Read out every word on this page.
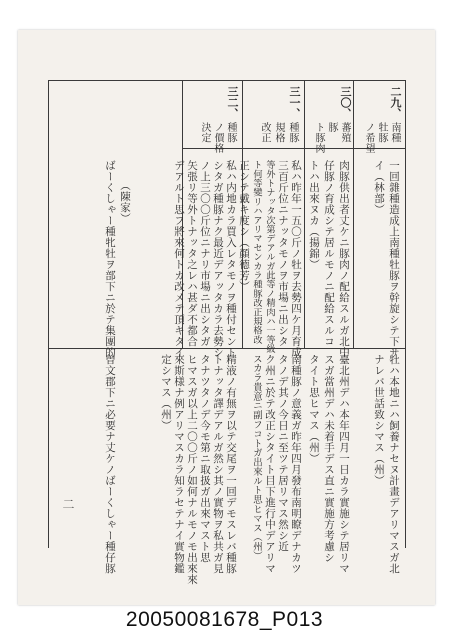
二九、
南種
牡豚
ノ希望
一回雜種造成上南種牡豚ヲ幹旋シテ下サ
イ（林部）
三〇、
蕃殖
豚
ト豚肉
肉豚供出者丈ケニ豚肉ノ配給スルガ北中
仔豚ノ育成シテ居ルモノニ配給スルコ
トハ出來ヌカ（揚錦）
三一、
種豚
規格
改正
私ハ昨年一五〇斤ノ牡ヲ去勢四ケ月育成
三百斤位ニナッタモノヲ市場ニ出シタ
等外トナッタ次第デアルガ此等ノ精肉ハ一等級
ト何等變リハアリマセンカラ種豚改正規格改
正シテ戴キ度シ（顔德芳）
三二、
種豚
ノ價格
決定
私ハ内地カラ買入レタモノヲ種付セント
シタガ種豚ナク最近デアッタカラ去勢シ
ノ上三〇〇斤位ニナリ市場ニ出シタガ
矢張リ等外トナッタ之レハ甚ダ不都合
デアルト思フ將來何トカ改メテ頂キタイ
（陳家）
ばーくしゃー種牝牡ヲ部下ニ於テ集團的
牡ハ本地ニハ飼養ナセヌ計畫デアリマスガ北
ナレバ世話致シマス（州）
臺北州デハ本年四月一日カラ實施シテ居リマ
スガ當州デハ未着手デス直ニ實施方考慮シ
タイト思ヒマス（州）
南種豚ノ意義ガ昨年四月發布南明瞭デナカツ
タノデ其ノ今日ニ至ツテ居リマス然シ近
ク州ニ於テ改正シタイト目下進行中デアリマ
スカラ貴意ニ副フコトガ出來ルト思ヒマス（州）
精液ノ有無ヲ以テ交尾ヲ一回デモスレバ種豚
トナッタ譯デアルガ然シ其ノ實物ヲ私共ガ見
タナツタノデ今モ第ニ取扱ガ出來マスト思
ヒマスガ以上二〇〇斤ノ如何ナルモノモ出來來
來斯様ナ例アリマスカラ知ラセテナイ實物鑑
定シマス（州）
曾文郡下ニ必要ナ丈ケノばーくしゃー種仔豚
二
20050081678_P013
